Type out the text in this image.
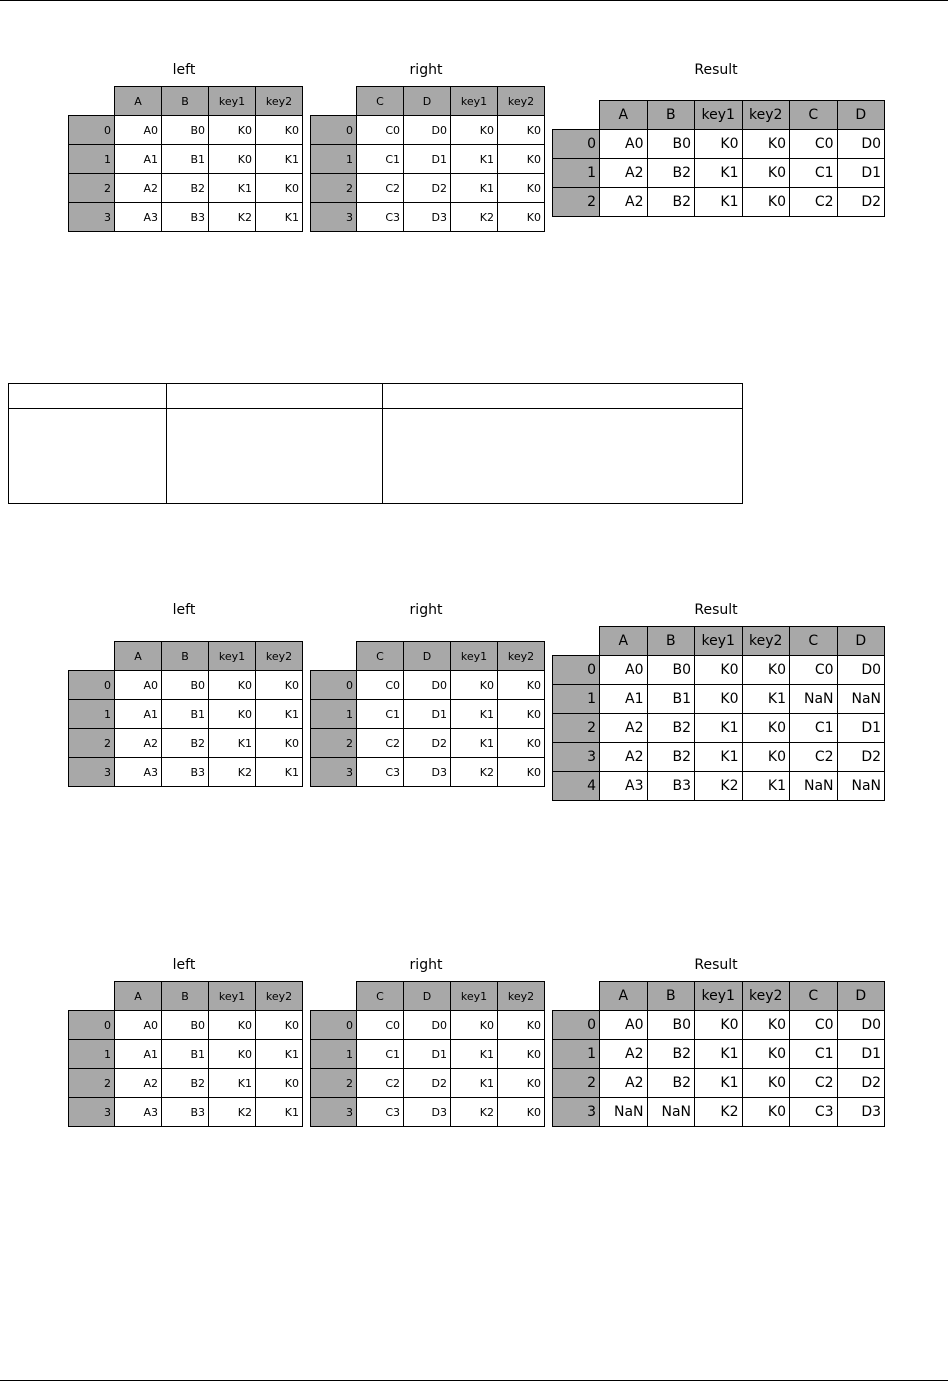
left	right	Result
	A	B	key1	key2
0	A0	B0	K0	K0
1	A1	B1	K0	K1
2	A2	B2	K1	K0
3	A3	B3	K2	K1
	C	D	key1	key2
0	C0	D0	K0	K0
1	C1	D1	K1	K0
2	C2	D2	K1	K0
3	C3	D3	K2	K0
	A	B	key1	key2	C	D
0	A0	B0	K0	K0	C0	D0
1	A2	B2	K1	K0	C1	D1
2	A2	B2	K1	K0	C2	D2

left	right	Result
	A	B	key1	key2
0	A0	B0	K0	K0
1	A1	B1	K0	K1
2	A2	B2	K1	K0
3	A3	B3	K2	K1
	C	D	key1	key2
0	C0	D0	K0	K0
1	C1	D1	K1	K0
2	C2	D2	K1	K0
3	C3	D3	K2	K0
	A	B	key1	key2	C	D
0	A0	B0	K0	K0	C0	D0
1	A1	B1	K0	K1	NaN	NaN
2	A2	B2	K1	K0	C1	D1
3	A2	B2	K1	K0	C2	D2
4	A3	B3	K2	K1	NaN	NaN
left	right	Result
	A	B	key1	key2
0	A0	B0	K0	K0
1	A1	B1	K0	K1
2	A2	B2	K1	K0
3	A3	B3	K2	K1
	C	D	key1	key2
0	C0	D0	K0	K0
1	C1	D1	K1	K0
2	C2	D2	K1	K0
3	C3	D3	K2	K0
	A	B	key1	key2	C	D
0	A0	B0	K0	K0	C0	D0
1	A2	B2	K1	K0	C1	D1
2	A2	B2	K1	K0	C2	D2
3	NaN	NaN	K2	K0	C3	D3
